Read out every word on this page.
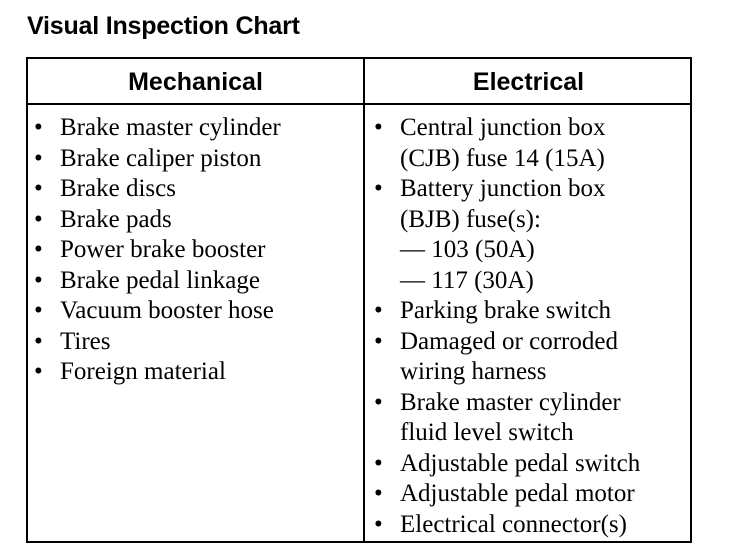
Visual Inspection Chart
Mechanical	Electrical
• Brake master cylinder
• Brake caliper piston
• Brake discs
• Brake pads
• Power brake booster
• Brake pedal linkage
• Vacuum booster hose
• Tires
• Foreign material
• Central junction box
(CJB) fuse 14 (15A)
• Battery junction box
(BJB) fuse(s):
— 103 (50A)
— 117 (30A)
• Parking brake switch
• Damaged or corroded
wiring harness
• Brake master cylinder
fluid level switch
• Adjustable pedal switch
• Adjustable pedal motor
• Electrical connector(s)
